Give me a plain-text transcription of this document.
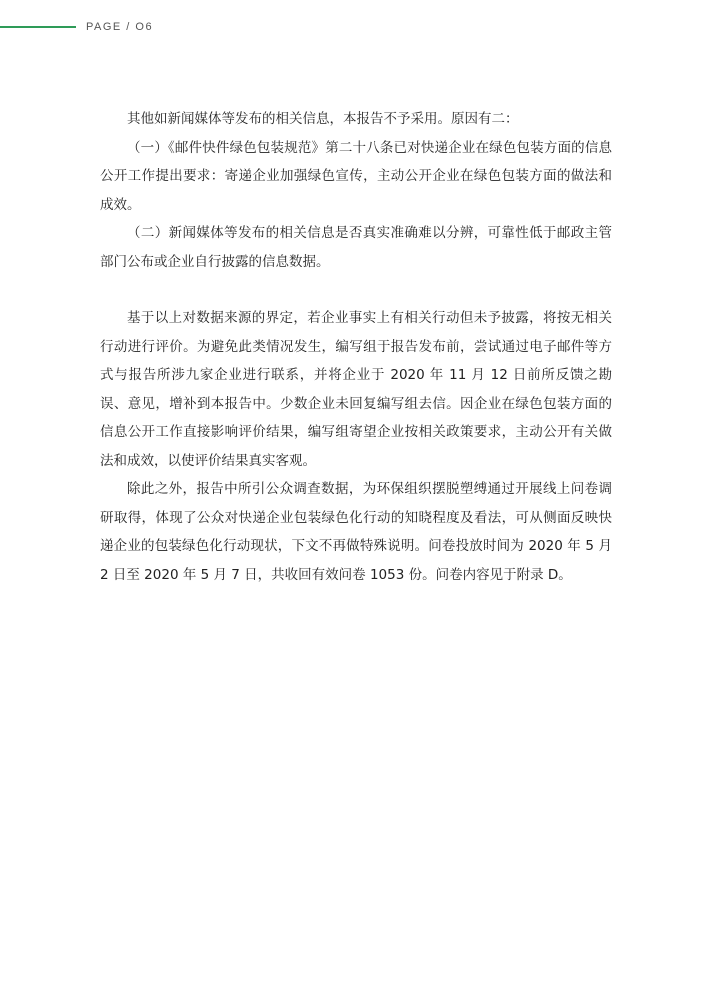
PAGE / O6

其他如新闻媒体等发布的相关信息，本报告不予采用。原因有二：

（一）《邮件快件绿色包装规范》第二十八条已对快递企业在绿色包装方面的信息公开工作提出要求：寄递企业加强绿色宣传，主动公开企业在绿色包装方面的做法和成效。

（二）新闻媒体等发布的相关信息是否真实准确难以分辨，可靠性低于邮政主管部门公布或企业自行披露的信息数据。

基于以上对数据来源的界定，若企业事实上有相关行动但未予披露，将按无相关行动进行评价。为避免此类情况发生，编写组于报告发布前，尝试通过电子邮件等方式与报告所涉九家企业进行联系，并将企业于 2020 年 11 月 12 日前所反馈之勘误、意见，增补到本报告中。少数企业未回复编写组去信。因企业在绿色包装方面的信息公开工作直接影响评价结果，编写组寄望企业按相关政策要求，主动公开有关做法和成效，以使评价结果真实客观。

除此之外，报告中所引公众调查数据，为环保组织摆脱塑缚通过开展线上问卷调研取得，体现了公众对快递企业包装绿色化行动的知晓程度及看法，可从侧面反映快递企业的包装绿色化行动现状，下文不再做特殊说明。问卷投放时间为 2020 年 5 月 2 日至 2020 年 5 月 7 日，共收回有效问卷 1053 份。问卷内容见于附录 D。
